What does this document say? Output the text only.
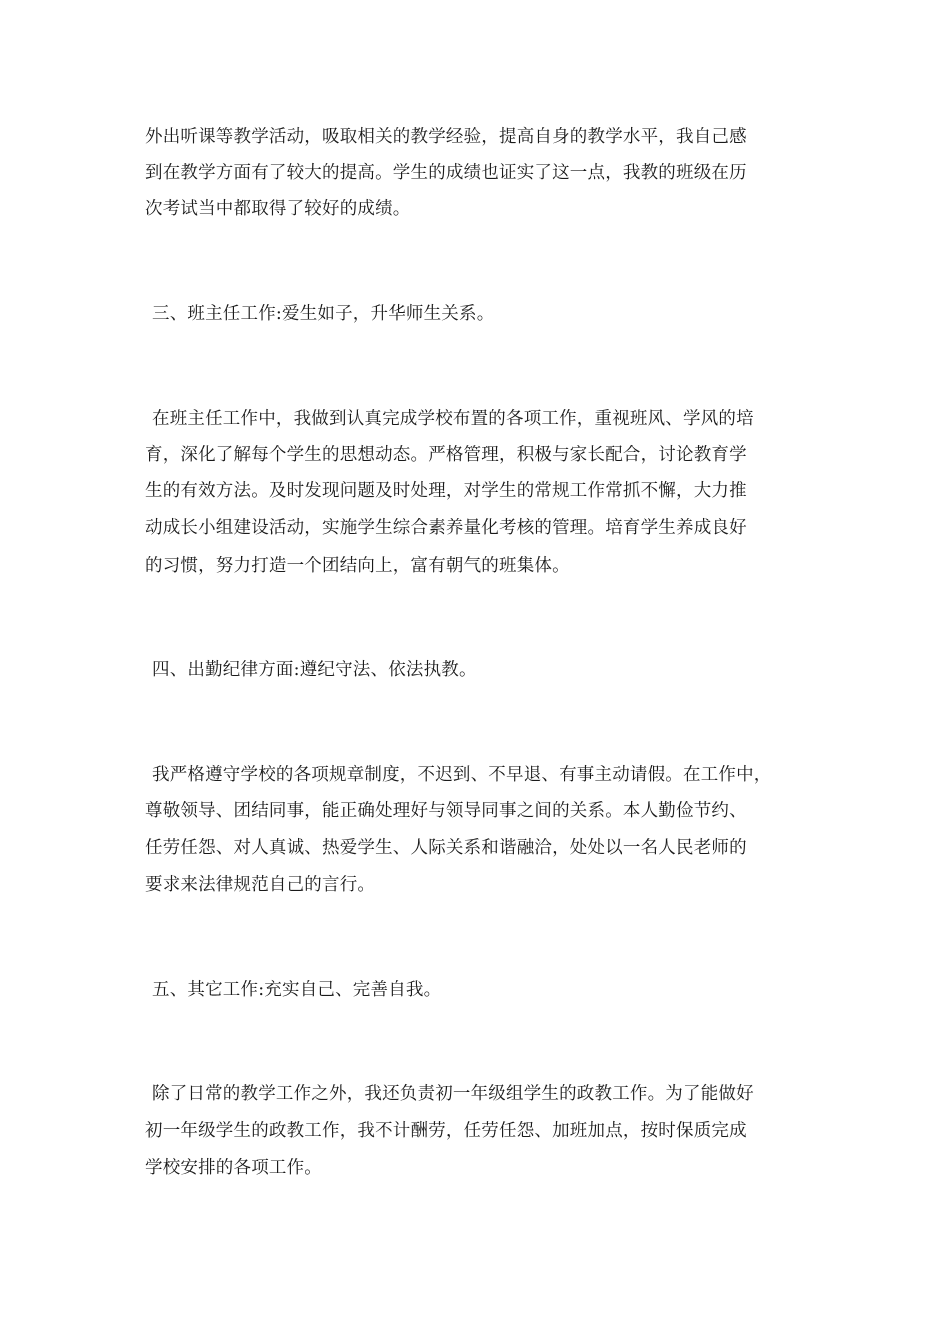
外出听课等教学活动，吸取相关的教学经验，提高自身的教学水平，我自己感
到在教学方面有了较大的提高。学生的成绩也证实了这一点，我教的班级在历
次考试当中都取得了较好的成绩。
三、班主任工作:爱生如子，升华师生关系。
在班主任工作中，我做到认真完成学校布置的各项工作，重视班风、学风的培
育，深化了解每个学生的思想动态。严格管理，积极与家长配合，讨论教育学
生的有效方法。及时发现问题及时处理，对学生的常规工作常抓不懈，大力推
动成长小组建设活动，实施学生综合素养量化考核的管理。培育学生养成良好
的习惯，努力打造一个团结向上，富有朝气的班集体。
四、出勤纪律方面:遵纪守法、依法执教。
我严格遵守学校的各项规章制度，不迟到、不早退、有事主动请假。在工作中，
尊敬领导、团结同事，能正确处理好与领导同事之间的关系。本人勤俭节约、
任劳任怨、对人真诚、热爱学生、人际关系和谐融洽，处处以一名人民老师的
要求来法律规范自己的言行。
五、其它工作:充实自己、完善自我。
除了日常的教学工作之外，我还负责初一年级组学生的政教工作。为了能做好
初一年级学生的政教工作，我不计酬劳，任劳任怨、加班加点，按时保质完成
学校安排的各项工作。
